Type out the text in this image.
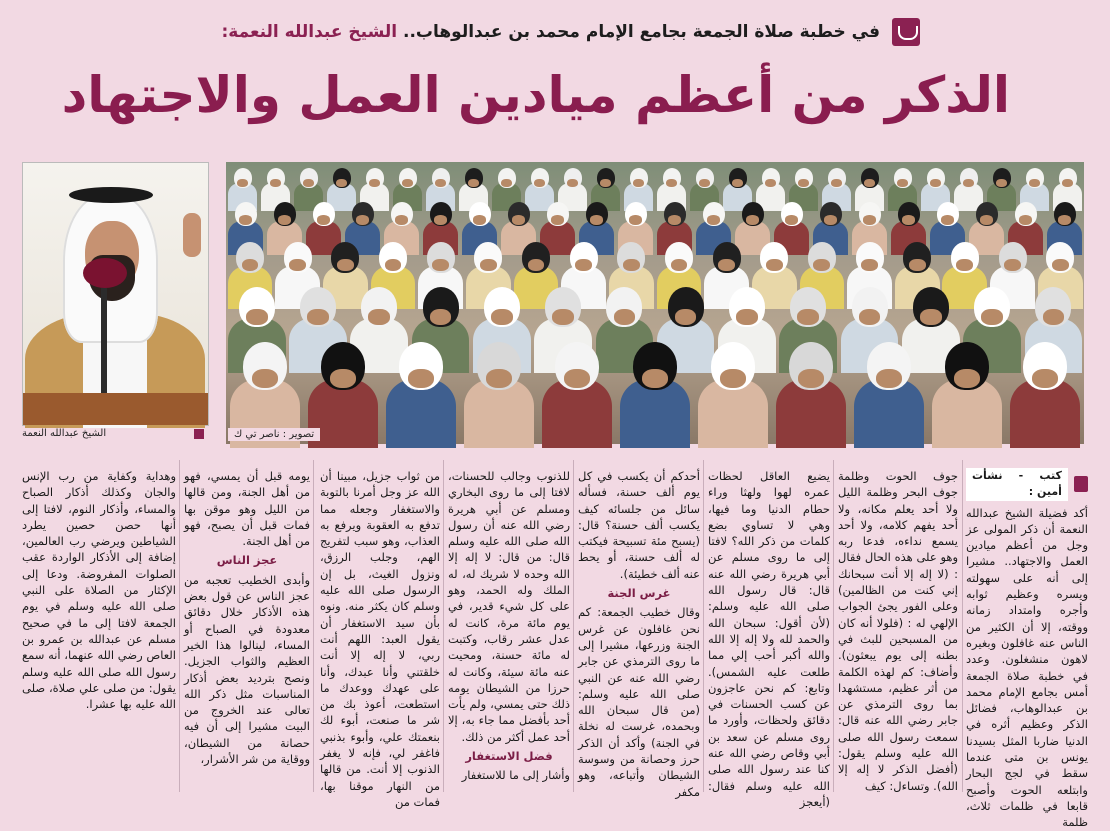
في خطبة صلاة الجمعة بجامع الإمام محمد بن عبدالوهاب.. الشيخ عبدالله النعمة:
الذكر من أعظم ميادين العمل والاجتهاد
تصوير : ناصر تي ك
الشيخ عبدالله النعمة
كتب - نشأت أمين :
أكد فضيلة الشيخ عبدالله النعمة أن ذكر المولى عز وجل من أعظم ميادين العمل والاجتهاد.. مشيرا إلى أنه على سهولته ويسره وعظيم ثوابه وأجره وامتداد زمانه ووقته، إلا أن الكثير من الناس عنه غافلون وبغيره لاهون منشغلون. وعدد في خطبة صلاة الجمعة أمس بجامع الإمام محمد بن عبدالوهاب، فضائل الذكر وعظيم أثره في الدنيا ضاربا المثل بسيدنا يونس بن متى عندما سقط في لجج البحار وابتلعه الحوت وأصبح قابعا في ظلمات ثلاث، ظلمة
جوف الحوت وظلمة جوف البحر وظلمة الليل ولا أحد يعلم مكانه، ولا أحد يفهم كلامه، ولا أحد يسمع نداءه، فدعا ربه وهو على هذه الحال فقال : (لا إله إلا أنت سبحانك إني كنت من الظالمين) وعلى الفور يجئ الجواب الإلهي له : (فلولا أنه كان من المسبحين للبث في بطنه إلى يوم يبعثون). وأضاف: كم لهذه الكلمة من أثر عظيم، مستشهدا بما روى الترمذي عن جابر رضي الله عنه قال: سمعت رسول الله صلى الله عليه وسلم يقول: (أفضل الذكر لا إله إلا الله). وتساءل: كيف
يضيع العاقل لحظات عمره لهوا ولهثا وراء حطام الدنيا وما فيها، وهي لا تساوي بضع كلمات من ذكر الله؟ لافتا إلى ما روى مسلم عن أبي هريرة رضي الله عنه قال: قال رسول الله صلى الله عليه وسلم: (لأن أقول: سبحان الله والحمد لله ولا إله إلا الله والله أكبر أحب إلي مما طلعت عليه الشمس). وتابع: كم نحن عاجزون عن كسب الحسنات في دقائق ولحظات، وأورد ما روى مسلم عن سعد بن أبي وقاص رضي الله عنه كنا عند رسول الله صلى الله عليه وسلم فقال: (أيعجز
أحدكم أن يكسب في كل يوم ألف حسنة، فسأله سائل من جلسائه كيف يكسب ألف حسنة؟ قال: (يسبح مئة تسبيحة فيكتب له ألف حسنة، أو يحط عنه ألف خطيئة).
غرس الجنة
وقال خطيب الجمعة: كم نحن غافلون عن غرس الجنة وزرعها، مشيرا إلى ما روى الترمذي عن جابر رضي الله عنه عن النبي صلى الله عليه وسلم: (من قال سبحان الله وبحمده، غرست له نخلة في الجنة) وأكد أن الذكر حرز وحصانة من وسوسة الشيطان وأتباعه، وهو مكفر
للذنوب وجالب للحسنات، لافتا إلى ما روى البخاري ومسلم عن أبي هريرة رضي الله عنه أن رسول الله صلى الله عليه وسلم قال: من قال: لا إله إلا الله وحده لا شريك له، له الملك وله الحمد، وهو على كل شيء قدير، في يوم مائة مرة، كانت له عدل عشر رقاب، وكتبت له مائة حسنة، ومحيت عنه مائة سيئة، وكانت له حرزا من الشيطان يومه ذلك حتى يمسي، ولم يأت أحد بأفضل مما جاء به، إلا أحد عمل أكثر من ذلك.
فضل الاستغفار
وأشار إلى ما للاستغفار
من ثواب جزيل، مبينا أن الله عز وجل أمرنا بالتوبة والاستغفار وجعله مما تدفع به العقوبة ويرفع به العذاب، وهو سبب لتفريج الهم، وجلب الرزق، ونزول الغيث، بل إن الرسول صلى الله عليه وسلم كان يكثر منه. ونوه بأن سيد الاستغفار أن يقول العبد: اللهم أنت ربي، لا إله إلا أنت خلقتني وأنا عبدك، وأنا على عهدك ووعدك ما استطعت، أعوذ بك من شر ما صنعت، أبوء لك بنعمتك علي، وأبوء بذنبي فاغفر لي، فإنه لا يغفر الذنوب إلا أنت. من قالها من النهار موقنا بها، فمات من
يومه قبل أن يمسي، فهو من أهل الجنة، ومن قالها من الليل وهو موقن بها فمات قبل أن يصبح، فهو من أهل الجنة.
عجز الناس
وأبدى الخطيب تعجبه من عجز الناس عن قول بعض هذه الأذكار خلال دقائق معدودة في الصباح أو المساء، لينالوا هذا الخير العظيم والثواب الجزيل. ونصح بترديد بعض أذكار المناسبات مثل ذكر الله تعالى عند الخروج من البيت مشيرا إلى أن فيه حصانة من الشيطان، ووقاية من شر الأشرار،
وهداية وكفاية من رب الإنس والجان وكذلك أذكار الصباح والمساء، وأذكار النوم، لافتا إلى أنها حصن حصين يطرد الشياطين ويرضي رب العالمين، إضافة إلى الأذكار الواردة عقب الصلوات المفروضة. ودعا إلى الإكثار من الصلاة على النبي صلى الله عليه وسلم في يوم الجمعة لافتا إلى ما في صحيح مسلم عن عبدالله بن عمرو بن العاص رضي الله عنهما، أنه سمع رسول الله صلى الله عليه وسلم يقول: من صلى علي صلاة، صلى الله عليه بها عشرا.
